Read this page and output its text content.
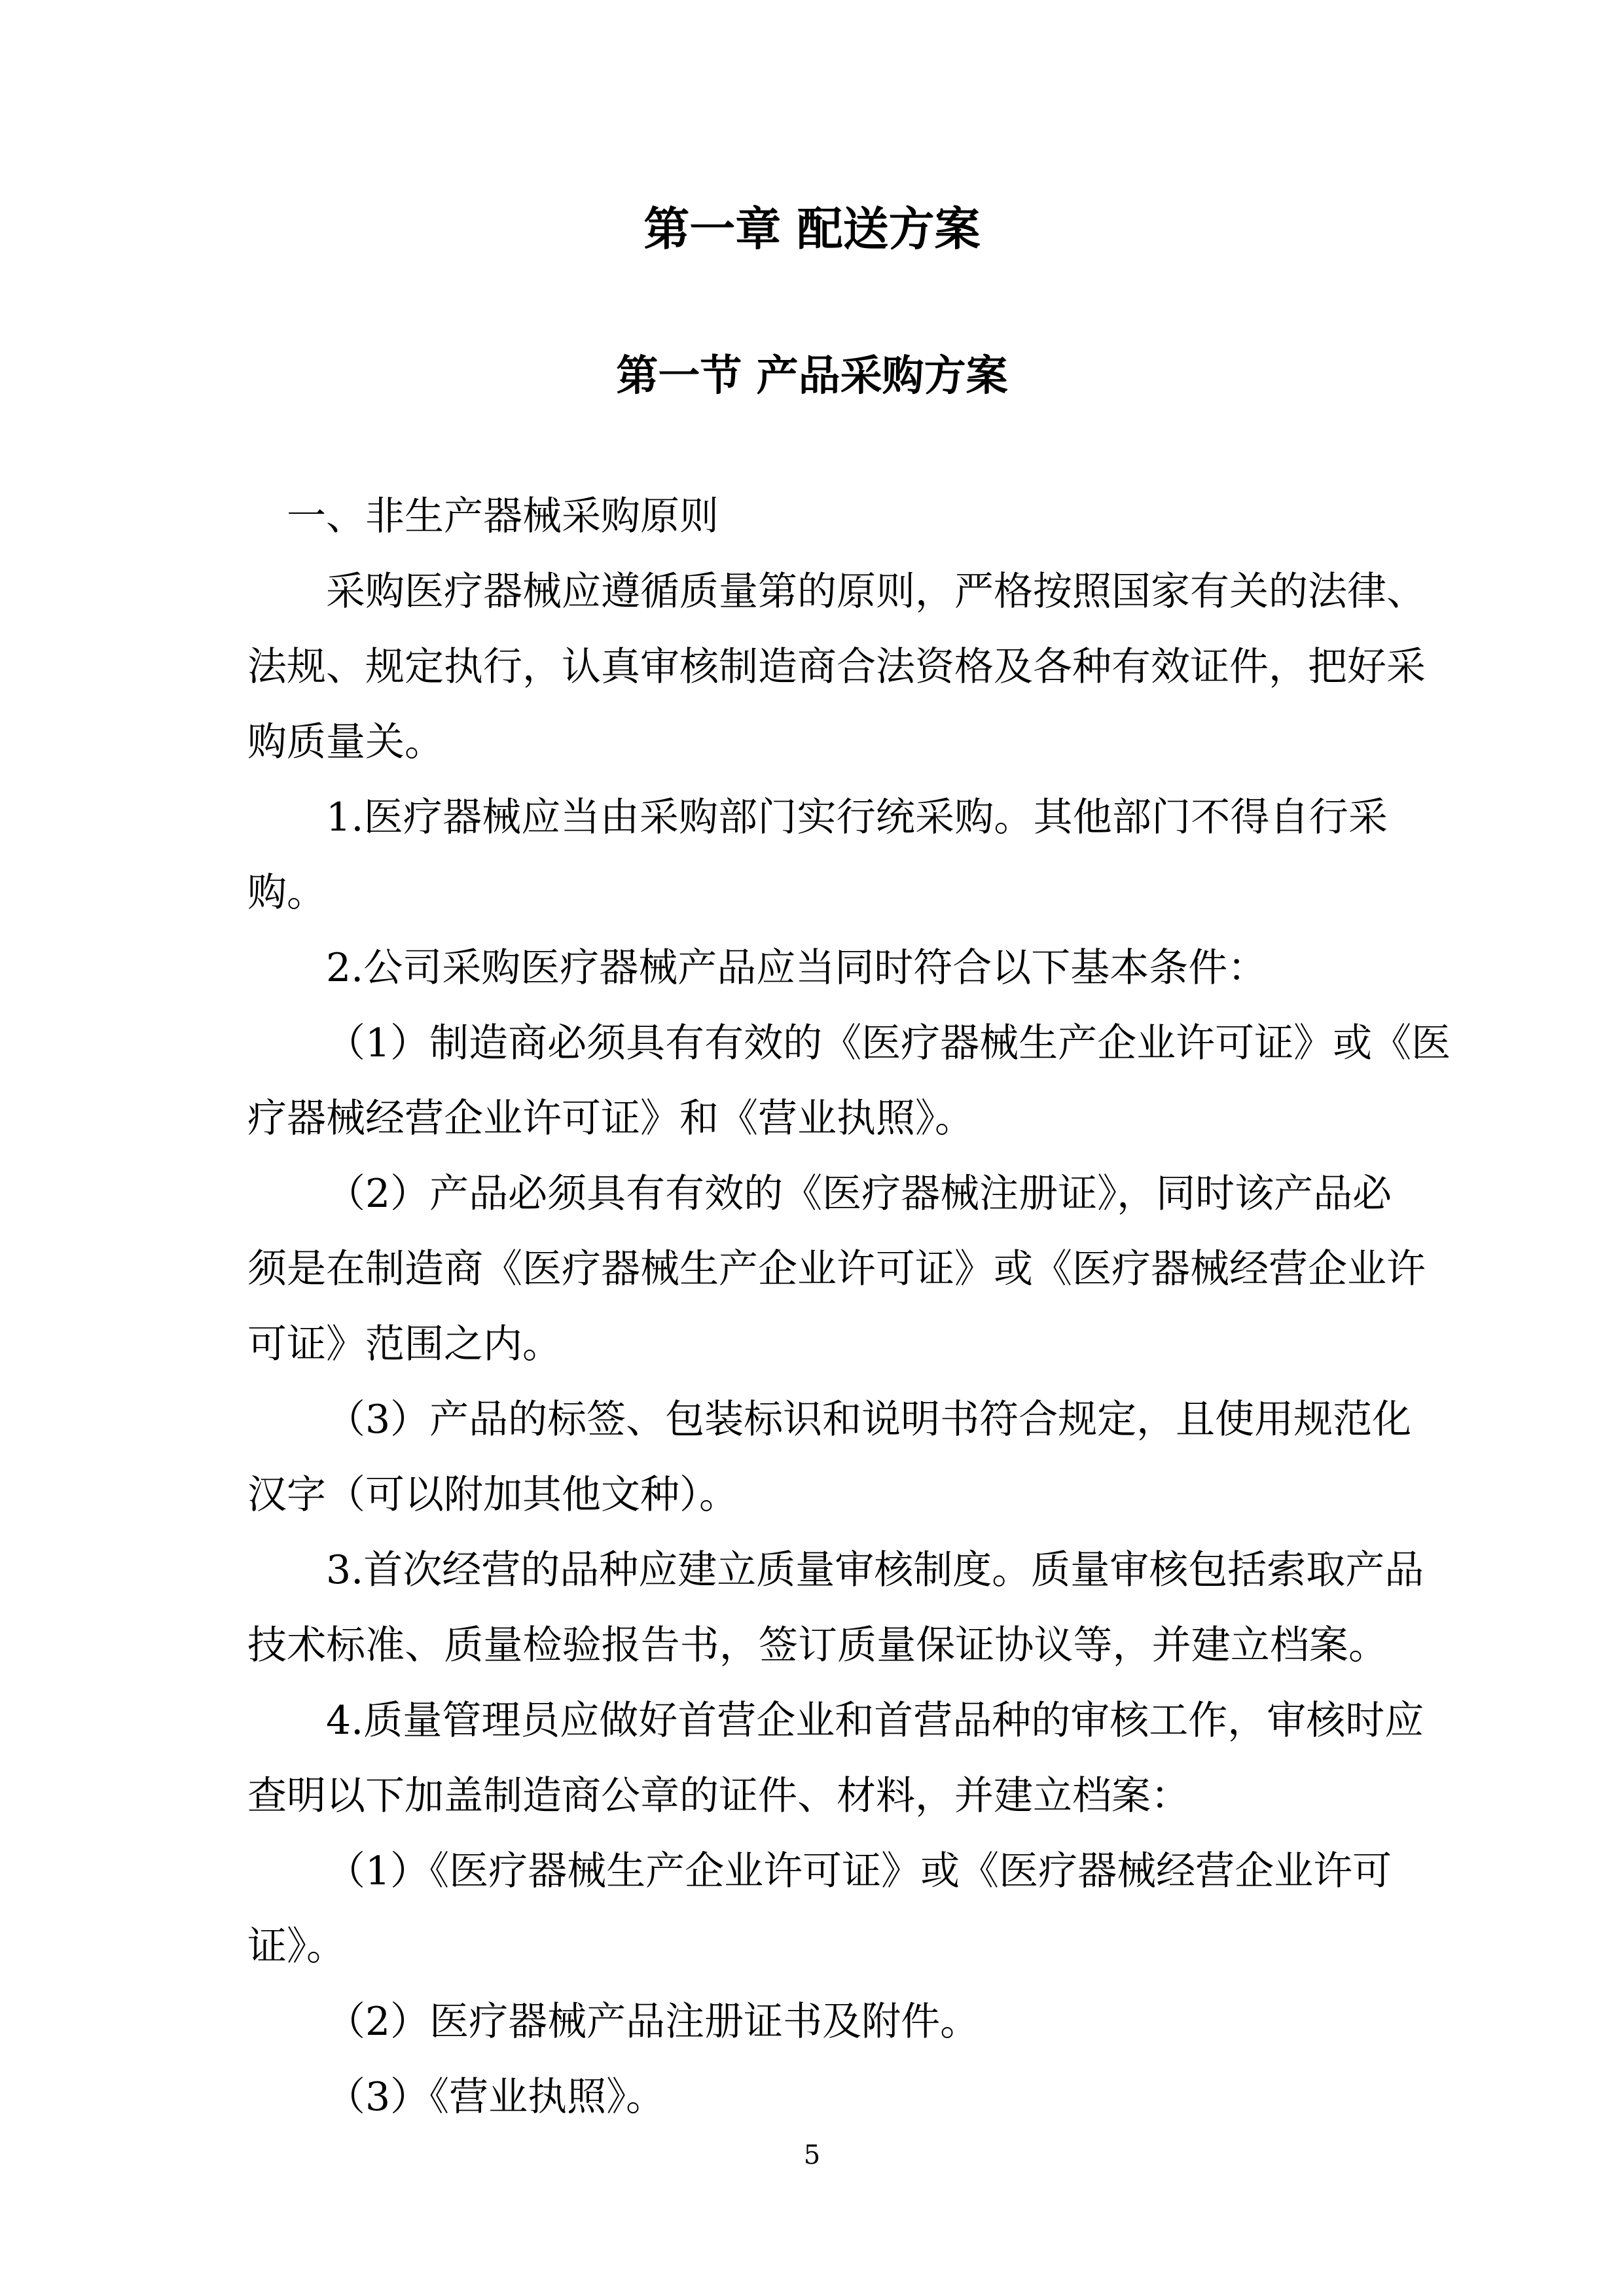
第一章 配送方案
第一节 产品采购方案
一、非生产器械采购原则
采购医疗器械应遵循质量第的原则，严格按照国家有关的法律、
法规、规定执行，认真审核制造商合法资格及各种有效证件，把好采
购质量关。
1.医疗器械应当由采购部门实行统采购。其他部门不得自行采
购。
2.公司采购医疗器械产品应当同时符合以下基本条件：
（1）制造商必须具有有效的《医疗器械生产企业许可证》或《医
疗器械经营企业许可证》和《营业执照》。
（2）产品必须具有有效的《医疗器械注册证》，同时该产品必
须是在制造商《医疗器械生产企业许可证》或《医疗器械经营企业许
可证》范围之内。
（3）产品的标签、包装标识和说明书符合规定，且使用规范化
汉字（可以附加其他文种）。
3.首次经营的品种应建立质量审核制度。质量审核包括索取产品
技术标准、质量检验报告书，签订质量保证协议等，并建立档案。
4.质量管理员应做好首营企业和首营品种的审核工作，审核时应
查明以下加盖制造商公章的证件、材料，并建立档案：
（1）《医疗器械生产企业许可证》或《医疗器械经营企业许可
证》。
（2）医疗器械产品注册证书及附件。
（3）《营业执照》。
5
